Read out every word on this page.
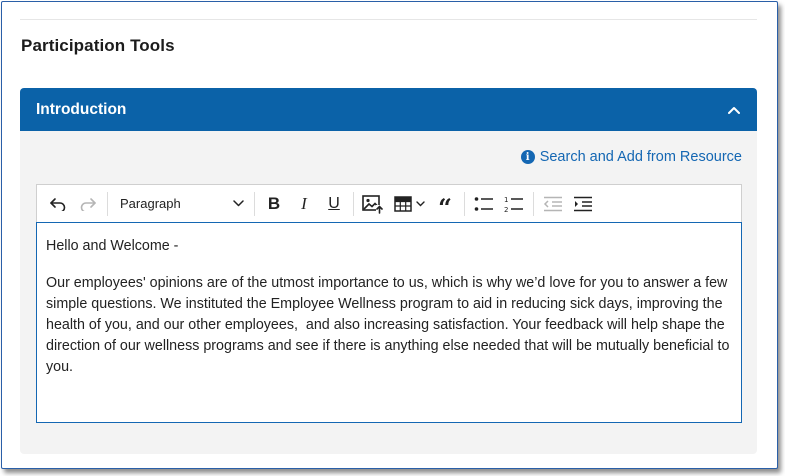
Participation Tools
Introduction
i Search and Add from Resource
Paragraph	B	I	U	“	1
2

Hello and Welcome -

Our employees' opinions are of the utmost importance to us, which is why we’d love for you to answer a few simple questions. We instituted the Employee Wellness program to aid in reducing sick days, improving the health of you, and our other employees,  and also increasing satisfaction. Your feedback will help shape the direction of our wellness programs and see if there is anything else needed that will be mutually beneficial to you.
